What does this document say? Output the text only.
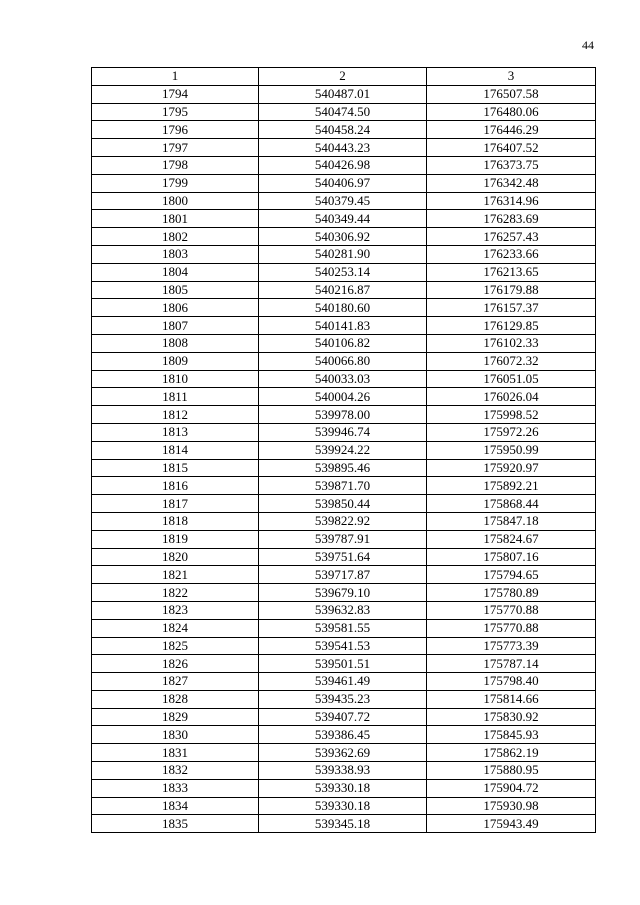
44
1	2	3
1794	540487.01	176507.58
1795	540474.50	176480.06
1796	540458.24	176446.29
1797	540443.23	176407.52
1798	540426.98	176373.75
1799	540406.97	176342.48
1800	540379.45	176314.96
1801	540349.44	176283.69
1802	540306.92	176257.43
1803	540281.90	176233.66
1804	540253.14	176213.65
1805	540216.87	176179.88
1806	540180.60	176157.37
1807	540141.83	176129.85
1808	540106.82	176102.33
1809	540066.80	176072.32
1810	540033.03	176051.05
1811	540004.26	176026.04
1812	539978.00	175998.52
1813	539946.74	175972.26
1814	539924.22	175950.99
1815	539895.46	175920.97
1816	539871.70	175892.21
1817	539850.44	175868.44
1818	539822.92	175847.18
1819	539787.91	175824.67
1820	539751.64	175807.16
1821	539717.87	175794.65
1822	539679.10	175780.89
1823	539632.83	175770.88
1824	539581.55	175770.88
1825	539541.53	175773.39
1826	539501.51	175787.14
1827	539461.49	175798.40
1828	539435.23	175814.66
1829	539407.72	175830.92
1830	539386.45	175845.93
1831	539362.69	175862.19
1832	539338.93	175880.95
1833	539330.18	175904.72
1834	539330.18	175930.98
1835	539345.18	175943.49
